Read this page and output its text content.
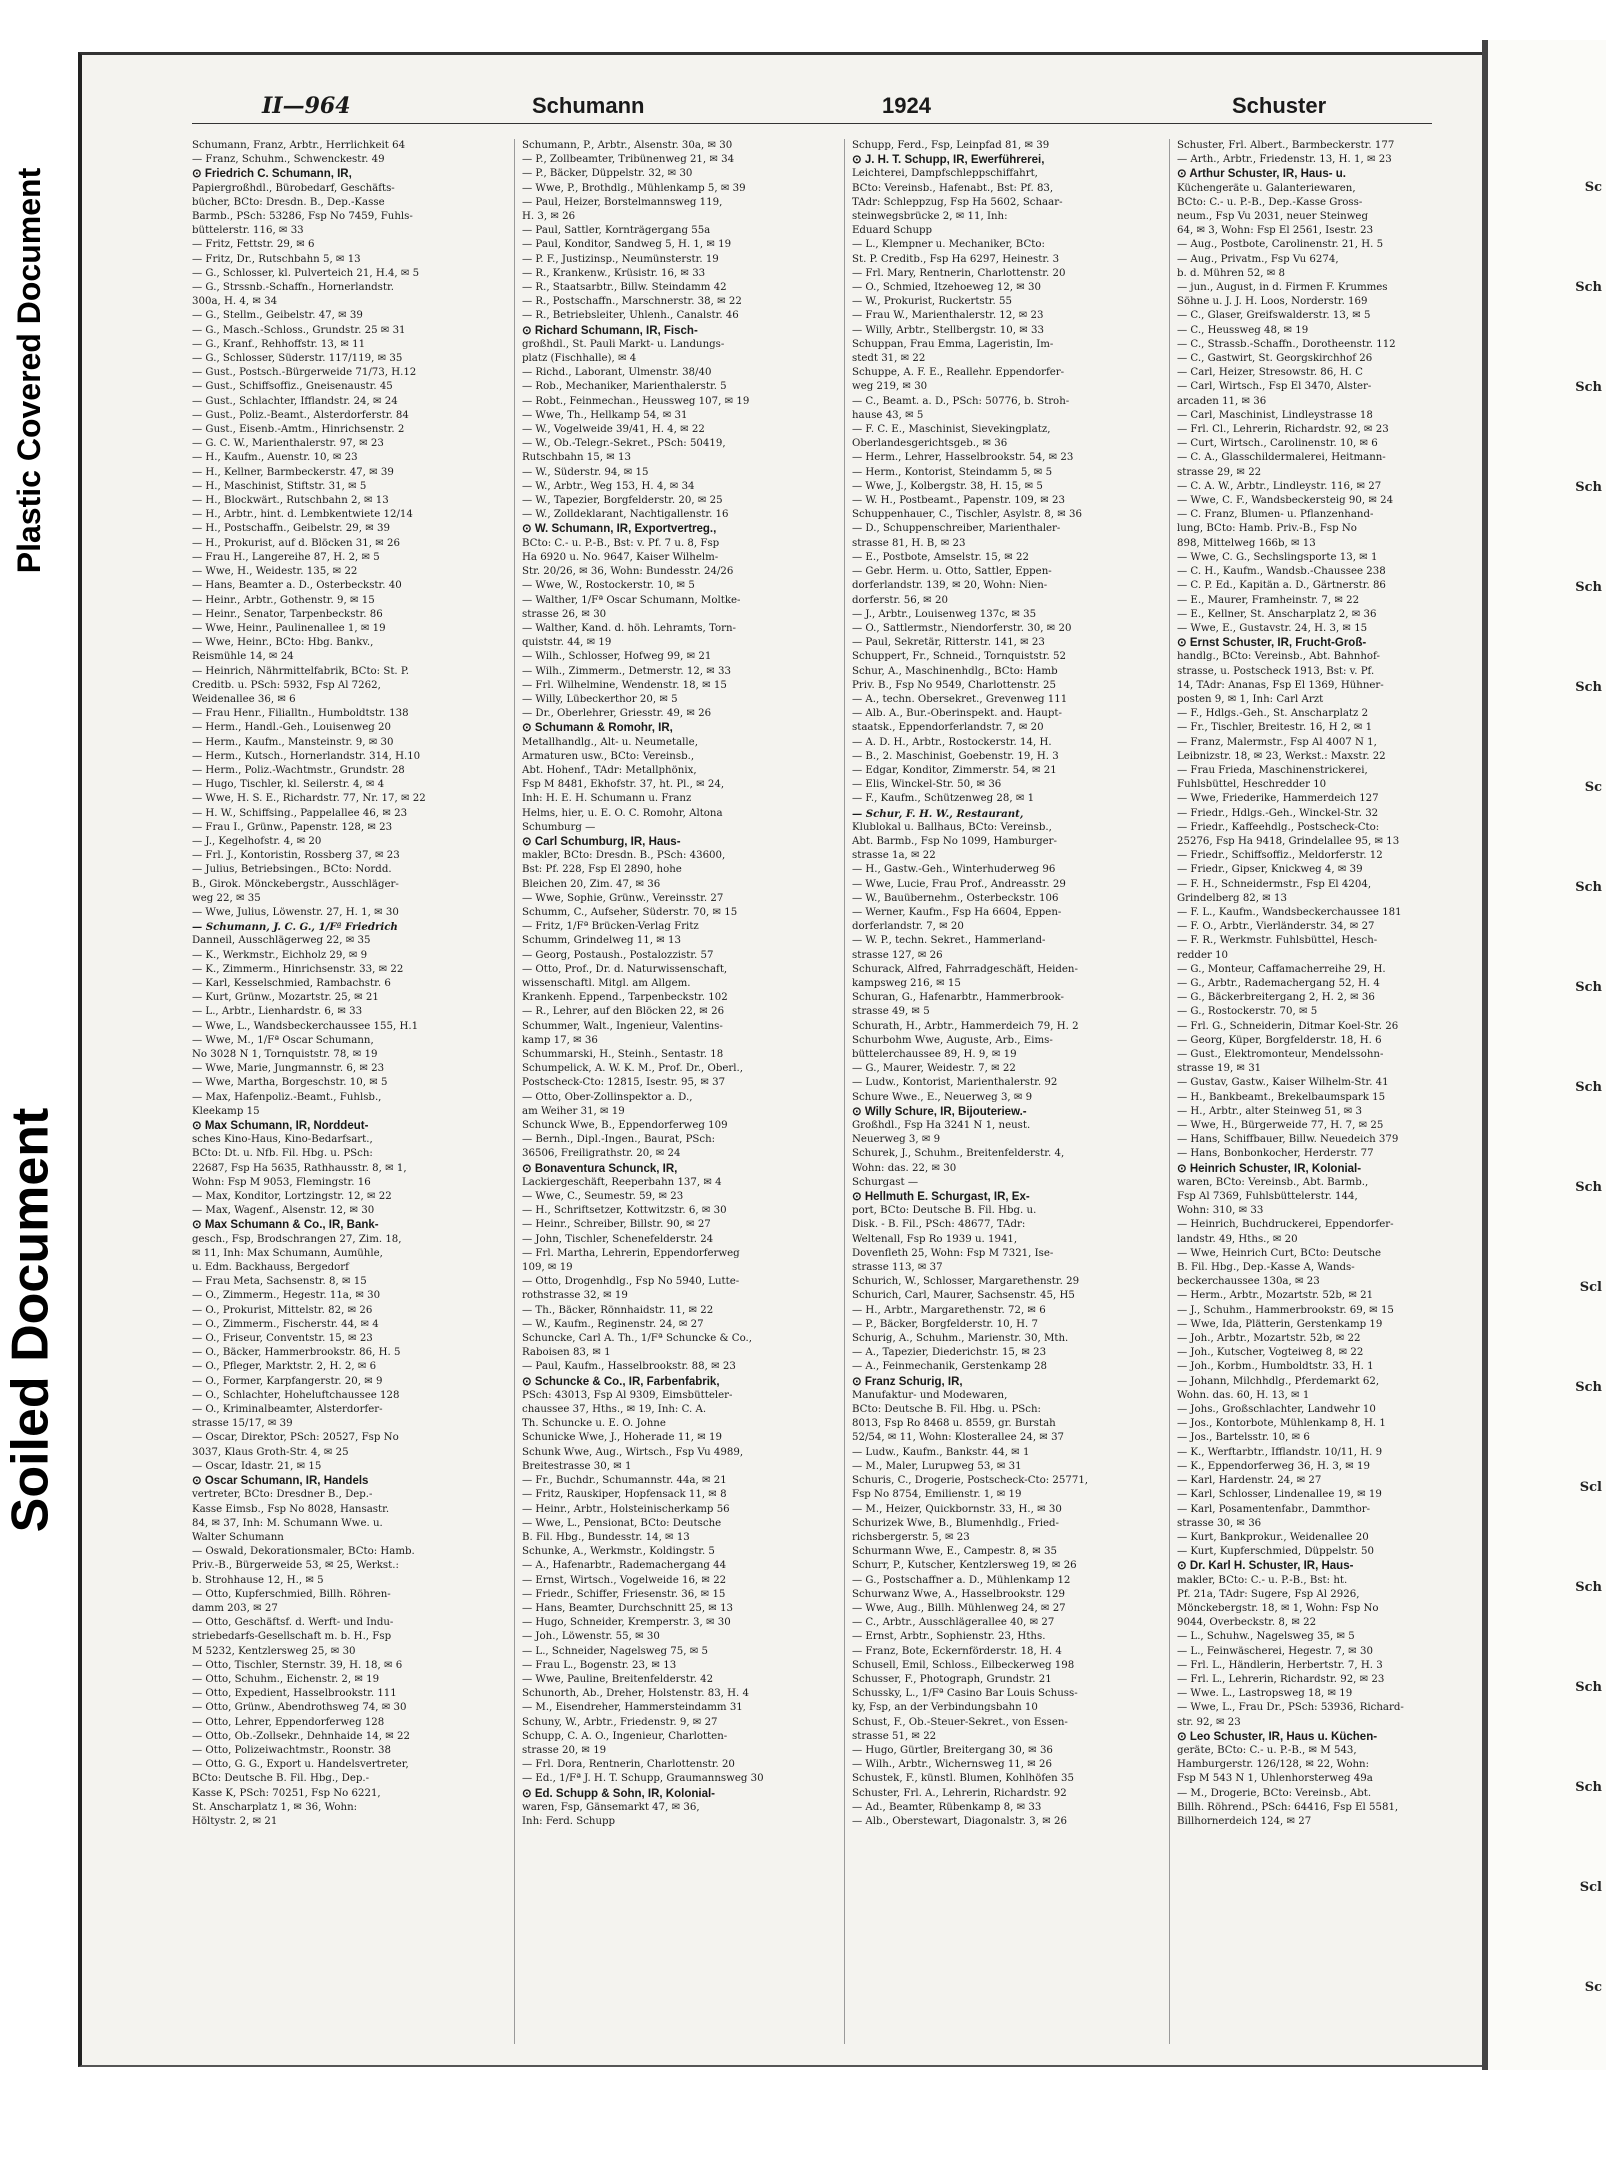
Soiled Document
Plastic Covered Document
II—964	Schumann	1924	Schuster
Schumann, Franz, Arbtr., Herrlichkeit 64
— Franz, Schuhm., Schwenckestr. 49
⊙ Friedrich C. Schumann, IR,
Papiergroßhdl., Bürobedarf, Geschäfts-
bücher, BCto: Dresdn. B., Dep.-Kasse
Barmb., PSch: 53286, Fsp No 7459, Fuhls-
büttelerstr. 116, ✉ 33
— Fritz, Fettstr. 29, ✉ 6
— Fritz, Dr., Rutschbahn 5, ✉ 13
— G., Schlosser, kl. Pulverteich 21, H.4, ✉ 5
— G., Strssnb.-Schaffn., Hornerlandstr.
300a, H. 4, ✉ 34
— G., Stellm., Geibelstr. 47, ✉ 39
— G., Masch.-Schloss., Grundstr. 25 ✉ 31
— G., Kranf., Rehhoffstr. 13, ✉ 11
— G., Schlosser, Süderstr. 117/119, ✉ 35
— Gust., Postsch.-Bürgerweide 71/73, H.12
— Gust., Schiffsoffiz., Gneisenaustr. 45
— Gust., Schlachter, Ifflandstr. 24, ✉ 24
— Gust., Poliz.-Beamt., Alsterdorferstr. 84
— Gust., Eisenb.-Amtm., Hinrichsenstr. 2
— G. C. W., Marienthalerstr. 97, ✉ 23
— H., Kaufm., Auenstr. 10, ✉ 23
— H., Kellner, Barmbeckerstr. 47, ✉ 39
— H., Maschinist, Stiftstr. 31, ✉ 5
— H., Blockwärt., Rutschbahn 2, ✉ 13
— H., Arbtr., hint. d. Lembkentwiete 12/14
— H., Postschaffn., Geibelstr. 29, ✉ 39
— H., Prokurist, auf d. Blöcken 31, ✉ 26
— Frau H., Langereihe 87, H. 2, ✉ 5
— Wwe, H., Weidestr. 135, ✉ 22
— Hans, Beamter a. D., Osterbeckstr. 40
— Heinr., Arbtr., Gothenstr. 9, ✉ 15
— Heinr., Senator, Tarpenbeckstr. 86
— Wwe, Heinr., Paulinenallee 1, ✉ 19
— Wwe, Heinr., BCto: Hbg. Bankv.,
Reismühle 14, ✉ 24
— Heinrich, Nährmittelfabrik, BCto: St. P.
Creditb. u. PSch: 5932, Fsp Al 7262,
Weidenallee 36, ✉ 6
— Frau Henr., Filialltn., Humboldtstr. 138
— Herm., Handl.-Geh., Louisenweg 20
— Herm., Kaufm., Mansteinstr. 9, ✉ 30
— Herm., Kutsch., Hornerlandstr. 314, H.10
— Herm., Poliz.-Wachtmstr., Grundstr. 28
— Hugo, Tischler, kl. Seilerstr. 4, ✉ 4
— Wwe, H. S. E., Richardstr. 77, Nr. 17, ✉ 22
— H. W., Schiffsing., Pappelallee 46, ✉ 23
— Frau I., Grünw., Papenstr. 128, ✉ 23
— J., Kegelhofstr. 4, ✉ 20
— Frl. J., Kontoristin, Rossberg 37, ✉ 23
— Julius, Betriebsingen., BCto: Nordd.
B., Girok. Mönckebergstr., Ausschläger-
weg 22, ✉ 35
— Wwe, Julius, Löwenstr. 27, H. 1, ✉ 30
— Schumann, J. C. G., 1/Fª Friedrich
Danneil, Ausschlägerweg 22, ✉ 35
— K., Werkmstr., Eichholz 29, ✉ 9
— K., Zimmerm., Hinrichsenstr. 33, ✉ 22
— Karl, Kesselschmied, Rambachstr. 6
— Kurt, Grünw., Mozartstr. 25, ✉ 21
— L., Arbtr., Lienhardstr. 6, ✉ 33
— Wwe, L., Wandsbeckerchaussee 155, H.1
— Wwe, M., 1/Fª Oscar Schumann,
No 3028 N 1, Tornquiststr. 78, ✉ 19
— Wwe, Marie, Jungmannstr. 6, ✉ 23
— Wwe, Martha, Borgeschstr. 10, ✉ 5
— Max, Hafenpoliz.-Beamt., Fuhlsb.,
Kleekamp 15
⊙ Max Schumann, IR, Norddeut-
sches Kino-Haus, Kino-Bedarfsart.,
BCto: Dt. u. Nfb. Fil. Hbg. u. PSch:
22687, Fsp Ha 5635, Rathhausstr. 8, ✉ 1,
Wohn: Fsp M 9053, Flemingstr. 16
— Max, Konditor, Lortzingstr. 12, ✉ 22
— Max, Wagenf., Alsenstr. 12, ✉ 30
⊙ Max Schumann & Co., IR, Bank-
gesch., Fsp, Brodschrangen 27, Zim. 18,
✉ 11, Inh: Max Schumann, Aumühle,
u. Edm. Backhauss, Bergedorf
— Frau Meta, Sachsenstr. 8, ✉ 15
— O., Zimmerm., Hegestr. 11a, ✉ 30
— O., Prokurist, Mittelstr. 82, ✉ 26
— O., Zimmerm., Fischerstr. 44, ✉ 4
— O., Friseur, Conventstr. 15, ✉ 23
— O., Bäcker, Hammerbrookstr. 86, H. 5
— O., Pfleger, Marktstr. 2, H. 2, ✉ 6
— O., Former, Karpfangerstr. 20, ✉ 9
— O., Schlachter, Hoheluftchaussee 128
— O., Kriminalbeamter, Alsterdorfer-
strasse 15/17, ✉ 39
— Oscar, Direktor, PSch: 20527, Fsp No
3037, Klaus Groth-Str. 4, ✉ 25
— Oscar, Idastr. 21, ✉ 15
⊙ Oscar Schumann, IR, Handels
vertreter, BCto: Dresdner B., Dep.-
Kasse Eimsb., Fsp No 8028, Hansastr.
84, ✉ 37, Inh: M. Schumann Wwe. u.
Walter Schumann
— Oswald, Dekorationsmaler, BCto: Hamb.
Priv.-B., Bürgerweide 53, ✉ 25, Werkst.:
b. Strohhause 12, H., ✉ 5
— Otto, Kupferschmied, Billh. Röhren-
damm 203, ✉ 27
— Otto, Geschäftsf. d. Werft- und Indu-
striebedarfs-Gesellschaft m. b. H., Fsp
M 5232, Kentzlersweg 25, ✉ 30
— Otto, Tischler, Sternstr. 39, H. 18, ✉ 6
— Otto, Schuhm., Eichenstr. 2, ✉ 19
— Otto, Expedient, Hasselbrookstr. 111
— Otto, Grünw., Abendrothsweg 74, ✉ 30
— Otto, Lehrer, Eppendorferweg 128
— Otto, Ob.-Zollsekr., Dehnhaide 14, ✉ 22
— Otto, Polizeiwachtmstr., Roonstr. 38
— Otto, G. G., Export u. Handelsvertreter,
BCto: Deutsche B. Fil. Hbg., Dep.-
Kasse K, PSch: 70251, Fsp No 6221,
St. Anscharplatz 1, ✉ 36, Wohn:
Höltystr. 2, ✉ 21
Schumann, P., Arbtr., Alsenstr. 30a, ✉ 30
— P., Zollbeamter, Tribünenweg 21, ✉ 34
— P., Bäcker, Düppelstr. 32, ✉ 30
— Wwe, P., Brothdlg., Mühlenkamp 5, ✉ 39
— Paul, Heizer, Borstelmannsweg 119,
H. 3, ✉ 26
— Paul, Sattler, Kornträgergang 55a
— Paul, Konditor, Sandweg 5, H. 1, ✉ 19
— P. F., Justizinsp., Neumünsterstr. 19
— R., Krankenw., Krüsistr. 16, ✉ 33
— R., Staatsarbtr., Billw. Steindamm 42
— R., Postschaffn., Marschnerstr. 38, ✉ 22
— R., Betriebsleiter, Uhlenh., Canalstr. 46
⊙ Richard Schumann, IR, Fisch-
großhdl., St. Pauli Markt- u. Landungs-
platz (Fischhalle), ✉ 4
— Richd., Laborant, Ulmenstr. 38/40
— Rob., Mechaniker, Marienthalerstr. 5
— Robt., Feinmechan., Heussweg 107, ✉ 19
— Wwe, Th., Hellkamp 54, ✉ 31
— W., Vogelweide 39/41, H. 4, ✉ 22
— W., Ob.-Telegr.-Sekret., PSch: 50419,
Rutschbahn 15, ✉ 13
— W., Süderstr. 94, ✉ 15
— W., Arbtr., Weg 153, H. 4, ✉ 34
— W., Tapezier, Borgfelderstr. 20, ✉ 25
— W., Zolldeklarant, Nachtigallenstr. 16
⊙ W. Schumann, IR, Exportvertreg.,
BCto: C.- u. P.-B., Bst: v. Pf. 7 u. 8, Fsp
Ha 6920 u. No. 9647, Kaiser Wilhelm-
Str. 20/26, ✉ 36, Wohn: Bundesstr. 24/26
— Wwe, W., Rostockerstr. 10, ✉ 5
— Walther, 1/Fª Oscar Schumann, Moltke-
strasse 26, ✉ 30
— Walther, Kand. d. höh. Lehramts, Torn-
quiststr. 44, ✉ 19
— Wilh., Schlosser, Hofweg 99, ✉ 21
— Wilh., Zimmerm., Detmerstr. 12, ✉ 33
— Frl. Wilhelmine, Wendenstr. 18, ✉ 15
— Willy, Lübeckerthor 20, ✉ 5
— Dr., Oberlehrer, Griesstr. 49, ✉ 26
⊙ Schumann & Romohr, IR,
Metallhandlg., Alt- u. Neumetalle,
Armaturen usw., BCto: Vereinsb.,
Abt. Hohenf., TAdr: Metallphönix,
Fsp M 8481, Ekhofstr. 37, ht. Pl., ✉ 24,
Inh: H. E. H. Schumann u. Franz
Helms, hier, u. E. O. C. Romohr, Altona
Schumburg —
⊙ Carl Schumburg, IR, Haus-
makler, BCto: Dresdn. B., PSch: 43600,
Bst: Pf. 228, Fsp El 2890, hohe
Bleichen 20, Zim. 47, ✉ 36
— Wwe, Sophie, Grünw., Vereinsstr. 27
Schumm, C., Aufseher, Süderstr. 70, ✉ 15
— Fritz, 1/Fª Brücken-Verlag Fritz
Schumm, Grindelweg 11, ✉ 13
— Georg, Postaush., Postalozzistr. 57
— Otto, Prof., Dr. d. Naturwissenschaft,
wissenschaftl. Mitgl. am Allgem.
Krankenh. Eppend., Tarpenbeckstr. 102
— R., Lehrer, auf den Blöcken 22, ✉ 26
Schummer, Walt., Ingenieur, Valentins-
kamp 17, ✉ 36
Schummarski, H., Steinh., Sentastr. 18
Schumpelick, A. W. K. M., Prof. Dr., Oberl.,
Postscheck-Cto: 12815, Isestr. 95, ✉ 37
— Otto, Ober-Zollinspektor a. D.,
am Weiher 31, ✉ 19
Schunck Wwe, B., Eppendorferweg 109
— Bernh., Dipl.-Ingen., Baurat, PSch:
36506, Freiligrathstr. 20, ✉ 24
⊙ Bonaventura Schunck, IR,
Lackiergeschäft, Reeperbahn 137, ✉ 4
— Wwe, C., Seumestr. 59, ✉ 23
— H., Schriftsetzer, Kottwitzstr. 6, ✉ 30
— Heinr., Schreiber, Billstr. 90, ✉ 27
— John, Tischler, Schenefelderstr. 24
— Frl. Martha, Lehrerin, Eppendorferweg
109, ✉ 19
— Otto, Drogenhdlg., Fsp No 5940, Lutte-
rothstrasse 32, ✉ 19
— Th., Bäcker, Rönnhaidstr. 11, ✉ 22
— W., Kaufm., Reginenstr. 24, ✉ 27
Schuncke, Carl A. Th., 1/Fª Schuncke & Co.,
Raboisen 83, ✉ 1
— Paul, Kaufm., Hasselbrookstr. 88, ✉ 23
⊙ Schuncke & Co., IR, Farbenfabrik,
PSch: 43013, Fsp Al 9309, Eimsbütteler-
chaussee 37, Hths., ✉ 19, Inh: C. A.
Th. Schuncke u. E. O. Johne
Schunicke Wwe, J., Hoherade 11, ✉ 19
Schunk Wwe, Aug., Wirtsch., Fsp Vu 4989,
Breitestrasse 30, ✉ 1
— Fr., Buchdr., Schumannstr. 44a, ✉ 21
— Fritz, Rauskiper, Hopfensack 11, ✉ 8
— Heinr., Arbtr., Holsteinischerkamp 56
— Wwe, L., Pensionat, BCto: Deutsche
B. Fil. Hbg., Bundesstr. 14, ✉ 13
Schunke, A., Werkmstr., Koldingstr. 5
— A., Hafenarbtr., Rademachergang 44
— Ernst, Wirtsch., Vogelweide 16, ✉ 22
— Friedr., Schiffer, Friesenstr. 36, ✉ 15
— Hans, Beamter, Durchschnitt 25, ✉ 13
— Hugo, Schneider, Kremperstr. 3, ✉ 30
— Joh., Löwenstr. 55, ✉ 30
— L., Schneider, Nagelsweg 75, ✉ 5
— Frau L., Bogenstr. 23, ✉ 13
— Wwe, Pauline, Breitenfelderstr. 42
Schunorth, Ab., Dreher, Holstenstr. 83, H. 4
— M., Eisendreher, Hammersteindamm 31
Schuny, W., Arbtr., Friedenstr. 9, ✉ 27
Schupp, C. A. O., Ingenieur, Charlotten-
strasse 20, ✉ 19
— Frl. Dora, Rentnerin, Charlottenstr. 20
— Ed., 1/Fª J. H. T. Schupp, Graumannsweg 30
⊙ Ed. Schupp & Sohn, IR, Kolonial-
waren, Fsp, Gänsemarkt 47, ✉ 36,
Inh: Ferd. Schupp
Schupp, Ferd., Fsp, Leinpfad 81, ✉ 39
⊙ J. H. T. Schupp, IR, Ewerführerei,
Leichterei, Dampfschleppschiffahrt,
BCto: Vereinsb., Hafenabt., Bst: Pf. 83,
TAdr: Schleppzug, Fsp Ha 5602, Schaar-
steinwegsbrücke 2, ✉ 11, Inh:
Eduard Schupp
— L., Klempner u. Mechaniker, BCto:
St. P. Creditb., Fsp Ha 6297, Heinestr. 3
— Frl. Mary, Rentnerin, Charlottenstr. 20
— O., Schmied, Itzehoeweg 12, ✉ 30
— W., Prokurist, Ruckertstr. 55
— Frau W., Marienthalerstr. 12, ✉ 23
— Willy, Arbtr., Stellbergstr. 10, ✉ 33
Schuppan, Frau Emma, Lageristin, Im-
stedt 31, ✉ 22
Schuppe, A. F. E., Reallehr. Eppendorfer-
weg 219, ✉ 30
— C., Beamt. a. D., PSch: 50776, b. Stroh-
hause 43, ✉ 5
— F. C. E., Maschinist, Sievekingplatz,
Oberlandesgerichtsgeb., ✉ 36
— Herm., Lehrer, Hasselbrookstr. 54, ✉ 23
— Herm., Kontorist, Steindamm 5, ✉ 5
— Wwe, J., Kolbergstr. 38, H. 15, ✉ 5
— W. H., Postbeamt., Papenstr. 109, ✉ 23
Schuppenhauer, C., Tischler, Asylstr. 8, ✉ 36
— D., Schuppenschreiber, Marienthaler-
strasse 81, H. B, ✉ 23
— E., Postbote, Amselstr. 15, ✉ 22
— Gebr. Herm. u. Otto, Sattler, Eppen-
dorferlandstr. 139, ✉ 20, Wohn: Nien-
dorferstr. 56, ✉ 20
— J., Arbtr., Louisenweg 137c, ✉ 35
— O., Sattlermstr., Niendorferstr. 30, ✉ 20
— Paul, Sekretär, Ritterstr. 141, ✉ 23
Schuppert, Fr., Schneid., Tornquiststr. 52
Schur, A., Maschinenhdlg., BCto: Hamb
Priv. B., Fsp No 9549, Charlottenstr. 25
— A., techn. Obersekret., Grevenweg 111
— Alb. A., Bur.-Oberinspekt. and. Haupt-
staatsk., Eppendorferlandstr. 7, ✉ 20
— A. D. H., Arbtr., Rostockerstr. 14, H.
— B., 2. Maschinist, Goebenstr. 19, H. 3
— Edgar, Konditor, Zimmerstr. 54, ✉ 21
— Elis, Winckel-Str. 50, ✉ 36
— F., Kaufm., Schützenweg 28, ✉ 1
— Schur, F. H. W., Restaurant,
Klublokal u. Ballhaus, BCto: Vereinsb.,
Abt. Barmb., Fsp No 1099, Hamburger-
strasse 1a, ✉ 22
— H., Gastw.-Geh., Winterhuderweg 96
— Wwe, Lucie, Frau Prof., Andreasstr. 29
— W., Bauübernehm., Osterbeckstr. 106
— Werner, Kaufm., Fsp Ha 6604, Eppen-
dorferlandstr. 7, ✉ 20
— W. P., techn. Sekret., Hammerland-
strasse 127, ✉ 26
Schurack, Alfred, Fahrradgeschäft, Heiden-
kampsweg 216, ✉ 15
Schuran, G., Hafenarbtr., Hammerbrook-
strasse 49, ✉ 5
Schurath, H., Arbtr., Hammerdeich 79, H. 2
Schurbohm Wwe, Auguste, Arb., Eims-
büttelerchaussee 89, H. 9, ✉ 19
— G., Maurer, Weidestr. 7, ✉ 22
— Ludw., Kontorist, Marienthalerstr. 92
Schure Wwe., E., Neuerweg 3, ✉ 9
⊙ Willy Schure, IR, Bijouteriew.-
Großhdl., Fsp Ha 3241 N 1, neust.
Neuerweg 3, ✉ 9
Schurek, J., Schuhm., Breitenfelderstr. 4,
Wohn: das. 22, ✉ 30
Schurgast —
⊙ Hellmuth E. Schurgast, IR, Ex-
port, BCto: Deutsche B. Fil. Hbg. u.
Disk. - B. Fil., PSch: 48677, TAdr:
Weltenall, Fsp Ro 1939 u. 1941,
Dovenfleth 25, Wohn: Fsp M 7321, Ise-
strasse 113, ✉ 37
Schurich, W., Schlosser, Margarethenstr. 29
Schurich, Carl, Maurer, Sachsenstr. 45, H5
— H., Arbtr., Margarethenstr. 72, ✉ 6
— P., Bäcker, Borgfelderstr. 10, H. 7
Schurig, A., Schuhm., Marienstr. 30, Mth.
— A., Tapezier, Diederichstr. 15, ✉ 23
— A., Feinmechanik, Gerstenkamp 28
⊙ Franz Schurig, IR,
Manufaktur- und Modewaren,
BCto: Deutsche B. Fil. Hbg. u. PSch:
8013, Fsp Ro 8468 u. 8559, gr. Burstah
52/54, ✉ 11, Wohn: Klosterallee 24, ✉ 37
— Ludw., Kaufm., Bankstr. 44, ✉ 1
— M., Maler, Lurupweg 53, ✉ 31
Schuris, C., Drogerie, Postscheck-Cto: 25771,
Fsp No 8754, Emilienstr. 1, ✉ 19
— M., Heizer, Quickbornstr. 33, H., ✉ 30
Schurizek Wwe, B., Blumenhdlg., Fried-
richsbergerstr. 5, ✉ 23
Schurmann Wwe, E., Campestr. 8, ✉ 35
Schurr, P., Kutscher, Kentzlersweg 19, ✉ 26
— G., Postschaffner a. D., Mühlenkamp 12
Schurwanz Wwe, A., Hasselbrookstr. 129
— Wwe, Aug., Billh. Mühlenweg 24, ✉ 27
— C., Arbtr., Ausschlägerallee 40, ✉ 27
— Ernst, Arbtr., Sophienstr. 23, Hths.
— Franz, Bote, Eckernförderstr. 18, H. 4
Schusell, Emil, Schloss., Eilbeckerweg 198
Schusser, F., Photograph, Grundstr. 21
Schussky, L., 1/Fª Casino Bar Louis Schuss-
ky, Fsp, an der Verbindungsbahn 10
Schust, F., Ob.-Steuer-Sekret., von Essen-
strasse 51, ✉ 22
— Hugo, Gürtler, Breitergang 30, ✉ 36
— Wilh., Arbtr., Wichernsweg 11, ✉ 26
Schustek, F., künstl. Blumen, Kohlhöfen 35
Schuster, Frl. A., Lehrerin, Richardstr. 92
— Ad., Beamter, Rübenkamp 8, ✉ 33
— Alb., Oberstewart, Diagonalstr. 3, ✉ 26
Schuster, Frl. Albert., Barmbeckerstr. 177
— Arth., Arbtr., Friedenstr. 13, H. 1, ✉ 23
⊙ Arthur Schuster, IR, Haus- u.
Küchengeräte u. Galanteriewaren,
BCto: C.- u. P.-B., Dep.-Kasse Gross-
neum., Fsp Vu 2031, neuer Steinweg
64, ✉ 3, Wohn: Fsp El 2561, Isestr. 23
— Aug., Postbote, Carolinenstr. 21, H. 5
— Aug., Privatm., Fsp Vu 6274,
b. d. Mühren 52, ✉ 8
— jun., August, in d. Firmen F. Krummes
Söhne u. J. J. H. Loos, Norderstr. 169
— C., Glaser, Greifswalderstr. 13, ✉ 5
— C., Heussweg 48, ✉ 19
— C., Strassb.-Schaffn., Dorotheenstr. 112
— C., Gastwirt, St. Georgskirchhof 26
— Carl, Heizer, Stresowstr. 86, H. C
— Carl, Wirtsch., Fsp El 3470, Alster-
arcaden 11, ✉ 36
— Carl, Maschinist, Lindleystrasse 18
— Frl. Cl., Lehrerin, Richardstr. 92, ✉ 23
— Curt, Wirtsch., Carolinenstr. 10, ✉ 6
— C. A., Glasschildermalerei, Heitmann-
strasse 29, ✉ 22
— C. A. W., Arbtr., Lindleystr. 116, ✉ 27
— Wwe, C. F., Wandsbeckersteig 90, ✉ 24
— C. Franz, Blumen- u. Pflanzenhand-
lung, BCto: Hamb. Priv.-B., Fsp No
898, Mittelweg 166b, ✉ 13
— Wwe, C. G., Sechslingsporte 13, ✉ 1
— C. H., Kaufm., Wandsb.-Chaussee 238
— C. P. Ed., Kapitän a. D., Gärtnerstr. 86
— E., Maurer, Framheinstr. 7, ✉ 22
— E., Kellner, St. Anscharplatz 2, ✉ 36
— Wwe, E., Gustavstr. 24, H. 3, ✉ 15
⊙ Ernst Schuster, IR, Frucht-Groß-
handlg., BCto: Vereinsb., Abt. Bahnhof-
strasse, u. Postscheck 1913, Bst: v. Pf.
14, TAdr: Ananas, Fsp El 1369, Hühner-
posten 9, ✉ 1, Inh: Carl Arzt
— F., Hdlgs.-Geh., St. Anscharplatz 2
— Fr., Tischler, Breitestr. 16, H 2, ✉ 1
— Franz, Malermstr., Fsp Al 4007 N 1,
Leibnizstr. 18, ✉ 23, Werkst.: Maxstr. 22
— Frau Frieda, Maschinenstrickerei,
Fuhlsbüttel, Heschredder 10
— Wwe, Friederike, Hammerdeich 127
— Friedr., Hdlgs.-Geh., Winckel-Str. 32
— Friedr., Kaffeehdlg., Postscheck-Cto:
25276, Fsp Ha 9418, Grindelallee 95, ✉ 13
— Friedr., Schiffsoffiz., Meldorferstr. 12
— Friedr., Gipser, Knickweg 4, ✉ 39
— F. H., Schneidermstr., Fsp El 4204,
Grindelberg 82, ✉ 13
— F. L., Kaufm., Wandsbeckerchaussee 181
— F. O., Arbtr., Vierländerstr. 34, ✉ 27
— F. R., Werkmstr. Fuhlsbüttel, Hesch-
redder 10
— G., Monteur, Caffamacherreihe 29, H.
— G., Arbtr., Rademachergang 52, H. 4
— G., Bäckerbreitergang 2, H. 2, ✉ 36
— G., Rostockerstr. 70, ✉ 5
— Frl. G., Schneiderin, Ditmar Koel-Str. 26
— Georg, Küper, Borgfelderstr. 18, H. 6
— Gust., Elektromonteur, Mendelssohn-
strasse 19, ✉ 31
— Gustav, Gastw., Kaiser Wilhelm-Str. 41
— H., Bankbeamt., Brekelbaumspark 15
— H., Arbtr., alter Steinweg 51, ✉ 3
— Wwe, H., Bürgerweide 77, H. 7, ✉ 25
— Hans, Schiffbauer, Billw. Neuedeich 379
— Hans, Bonbonkocher, Herderstr. 77
⊙ Heinrich Schuster, IR, Kolonial-
waren, BCto: Vereinsb., Abt. Barmb.,
Fsp Al 7369, Fuhlsbüttelerstr. 144,
Wohn: 310, ✉ 33
— Heinrich, Buchdruckerei, Eppendorfer-
landstr. 49, Hths., ✉ 20
— Wwe, Heinrich Curt, BCto: Deutsche
B. Fil. Hbg., Dep.-Kasse A, Wands-
beckerchaussee 130a, ✉ 23
— Herm., Arbtr., Mozartstr. 52b, ✉ 21
— J., Schuhm., Hammerbrookstr. 69, ✉ 15
— Wwe, Ida, Plätterin, Gerstenkamp 19
— Joh., Arbtr., Mozartstr. 52b, ✉ 22
— Joh., Kutscher, Vogteiweg 8, ✉ 22
— Joh., Korbm., Humboldtstr. 33, H. 1
— Johann, Milchhdlg., Pferdemarkt 62,
Wohn. das. 60, H. 13, ✉ 1
— Johs., Großschlachter, Landwehr 10
— Jos., Kontorbote, Mühlenkamp 8, H. 1
— Jos., Bartelsstr. 10, ✉ 6
— K., Werftarbtr., Ifflandstr. 10/11, H. 9
— K., Eppendorferweg 36, H. 3, ✉ 19
— Karl, Hardenstr. 24, ✉ 27
— Karl, Schlosser, Lindenallee 19, ✉ 19
— Karl, Posamentenfabr., Dammthor-
strasse 30, ✉ 36
— Kurt, Bankprokur., Weidenallee 20
— Kurt, Kupferschmied, Düppelstr. 50
⊙ Dr. Karl H. Schuster, IR, Haus-
makler, BCto: C.- u. P.-B., Bst: ht.
Pf. 21a, TAdr: Sugere, Fsp Al 2926,
Mönckebergstr. 18, ✉ 1, Wohn: Fsp No
9044, Overbeckstr. 8, ✉ 22
— L., Schuhw., Nagelsweg 35, ✉ 5
— L., Feinwäscherei, Hegestr. 7, ✉ 30
— Frl. L., Händlerin, Herbertstr. 7, H. 3
— Frl. L., Lehrerin, Richardstr. 92, ✉ 23
— Wwe. L., Lastropsweg 18, ✉ 19
— Wwe, L., Frau Dr., PSch: 53936, Richard-
str. 92, ✉ 23
⊙ Leo Schuster, IR, Haus u. Küchen-
geräte, BCto: C.- u. P.-B., ✉ M 543,
Hamburgerstr. 126/128, ✉ 22, Wohn:
Fsp M 543 N 1, Uhlenhorsterweg 49a
— M., Drogerie, BCto: Vereinsb., Abt.
Billh. Röhrend., PSch: 64416, Fsp El 5581,
Billhornerdeich 124, ✉ 27
Sc
Sch
Sch
Sch
Sch
Sch
Sc
Sch
Sch
Sch
Sch
Scl
Sch
Scl
Sch
Sch
Sch
Scl
Sc
